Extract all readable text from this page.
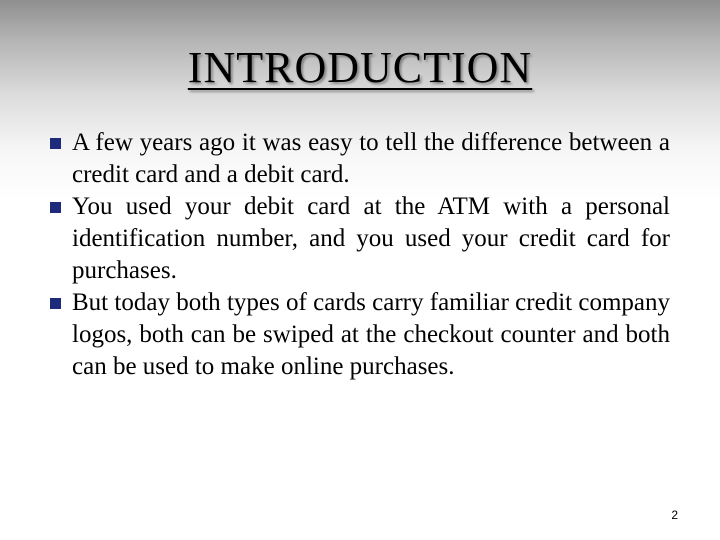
INTRODUCTION
A few years ago it was easy to tell the difference between a credit card and a debit card.
You used your debit card at the ATM with a personal identification number, and you used your credit card for purchases.
But today both types of cards carry familiar credit company logos, both can be swiped at the checkout counter and both can be used to make online purchases.
2
